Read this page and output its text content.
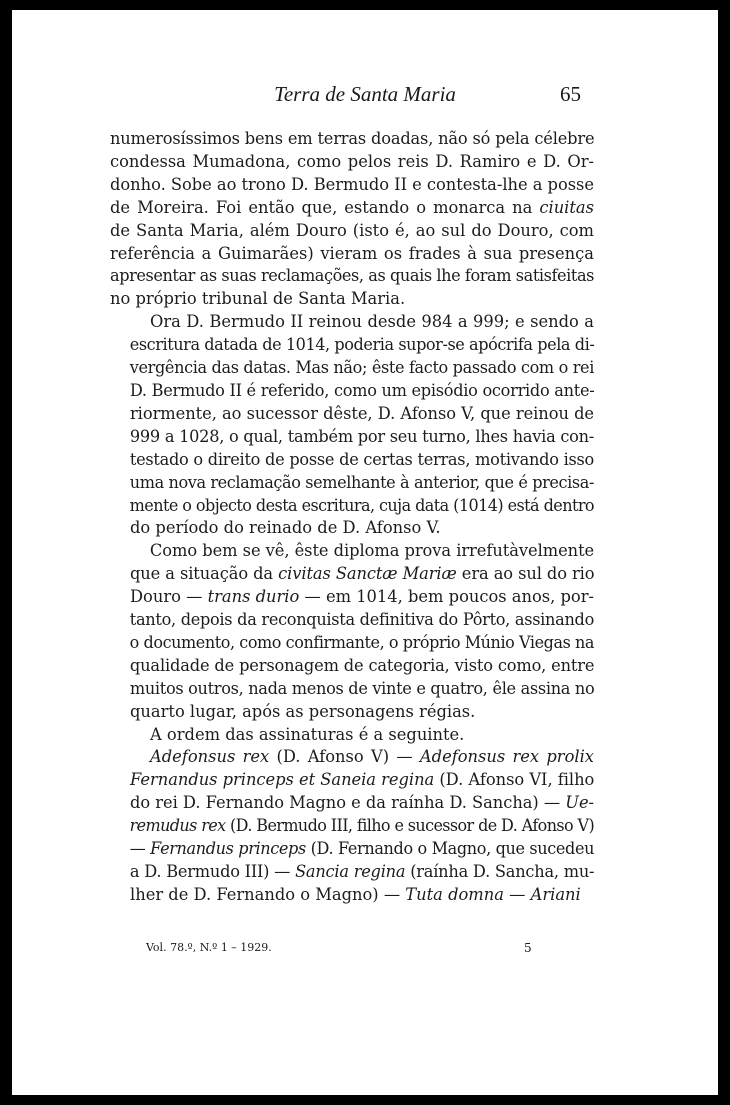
Terra de Santa Maria	65
numerosíssimos bens em terras doadas, não só pela célebre
condessa Mumadona, como pelos reis D. Ramiro e D. Or-
donho. Sobe ao trono D. Bermudo II e contesta-lhe a posse
de Moreira. Foi então que, estando o monarca na ciuitas
de Santa Maria, além Douro (isto é, ao sul do Douro, com
referência a Guimarães) vieram os frades à sua presença
apresentar as suas reclamações, as quais lhe foram satisfeitas
no próprio tribunal de Santa Maria.
Ora D. Bermudo II reinou desde 984 a 999; e sendo a
escritura datada de 1014, poderia supor-se apócrifa pela di-
vergência das datas. Mas não; êste facto passado com o rei
D. Bermudo II é referido, como um episódio ocorrido ante-
riormente, ao sucessor dêste, D. Afonso V, que reinou de
999 a 1028, o qual, também por seu turno, lhes havia con-
testado o direito de posse de certas terras, motivando isso
uma nova reclamação semelhante à anterior, que é precisa-
mente o objecto desta escritura, cuja data (1014) está dentro
do período do reinado de D. Afonso V.
Como bem se vê, êste diploma prova irrefutàvelmente
que a situação da civitas Sanctæ Mariæ era ao sul do rio
Douro — trans durio — em 1014, bem poucos anos, por-
tanto, depois da reconquista definitiva do Pôrto, assinando
o documento, como confirmante, o próprio Múnio Viegas na
qualidade de personagem de categoria, visto como, entre
muitos outros, nada menos de vinte e quatro, êle assina no
quarto lugar, após as personagens régias.
A ordem das assinaturas é a seguinte.
Adefonsus rex (D. Afonso V) — Adefonsus rex prolix
Fernandus princeps et Saneia regina (D. Afonso VI, filho
do rei D. Fernando Magno e da raínha D. Sancha) — Ue-
remudus rex (D. Bermudo III, filho e sucessor de D. Afonso V)
— Fernandus princeps (D. Fernando o Magno, que sucedeu
a D. Bermudo III) — Sancia regina (raínha D. Sancha, mu-
lher de D. Fernando o Magno) — Tuta domna — Ariani
Vol. 78.º, N.º 1 – 1929.	5
